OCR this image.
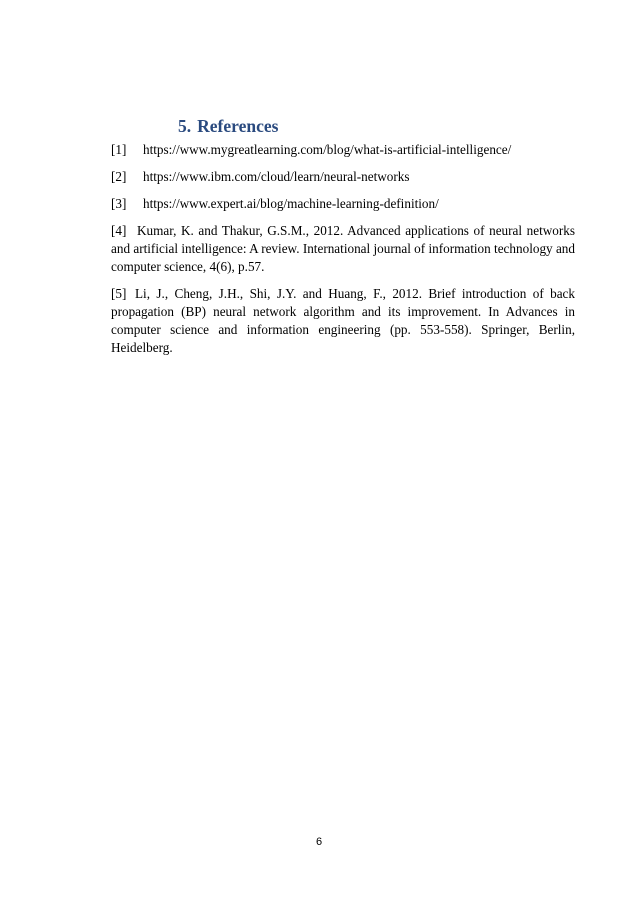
5. References

[1] https://www.mygreatlearning.com/blog/what-is-artificial-intelligence/

[2] https://www.ibm.com/cloud/learn/neural-networks

[3] https://www.expert.ai/blog/machine-learning-definition/

[4] Kumar, K. and Thakur, G.S.M., 2012. Advanced applications of neural networks and artificial intelligence: A review. International journal of information technology and computer science, 4(6), p.57.

[5] Li, J., Cheng, J.H., Shi, J.Y. and Huang, F., 2012. Brief introduction of back propagation (BP) neural network algorithm and its improvement. In Advances in computer science and information engineering (pp. 553-558). Springer, Berlin, Heidelberg.

6
